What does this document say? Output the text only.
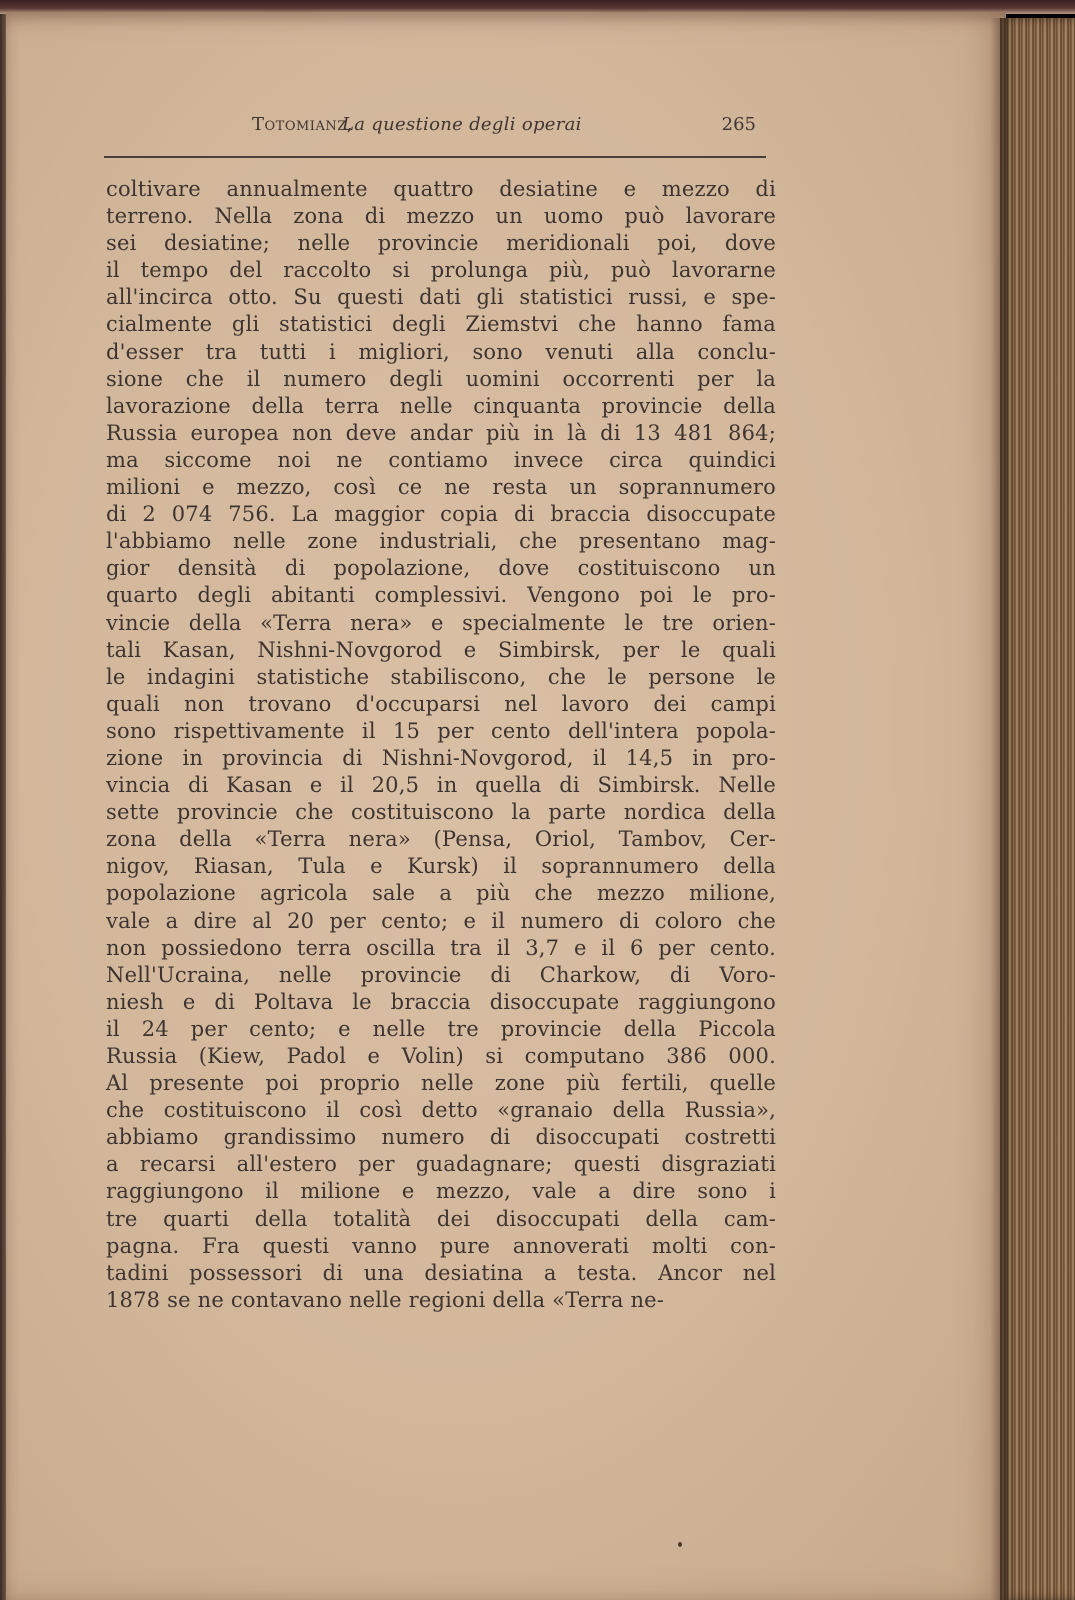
Totomianz,
La questione degli operai	265
coltivare annualmente quattro desiatine e mezzo di
terreno. Nella zona di mezzo un uomo può lavorare
sei desiatine; nelle provincie meridionali poi, dove
il tempo del raccolto si prolunga più, può lavorarne
all'incirca otto. Su questi dati gli statistici russi, e spe-
cialmente gli statistici degli Ziemstvi che hanno fama
d'esser tra tutti i migliori, sono venuti alla conclu-
sione che il numero degli uomini occorrenti per la
lavorazione della terra nelle cinquanta provincie della
Russia europea non deve andar più in là di 13 481 864;
ma siccome noi ne contiamo invece circa quindici
milioni e mezzo, così ce ne resta un soprannumero
di 2 074 756. La maggior copia di braccia disoccupate
l'abbiamo nelle zone industriali, che presentano mag-
gior densità di popolazione, dove costituiscono un
quarto degli abitanti complessivi. Vengono poi le pro-
vincie della «Terra nera» e specialmente le tre orien-
tali Kasan, Nishni-Novgorod e Simbirsk, per le quali
le indagini statistiche stabiliscono, che le persone le
quali non trovano d'occuparsi nel lavoro dei campi
sono rispettivamente il 15 per cento dell'intera popola-
zione in provincia di Nishni-Novgorod, il 14,5 in pro-
vincia di Kasan e il 20,5 in quella di Simbirsk. Nelle
sette provincie che costituiscono la parte nordica della
zona della «Terra nera» (Pensa, Oriol, Tambov, Cer-
nigov, Riasan, Tula e Kursk) il soprannumero della
popolazione agricola sale a più che mezzo milione,
vale a dire al 20 per cento; e il numero di coloro che
non possiedono terra oscilla tra il 3,7 e il 6 per cento.
Nell'Ucraina, nelle provincie di Charkow, di Voro-
niesh e di Poltava le braccia disoccupate raggiungono
il 24 per cento; e nelle tre provincie della Piccola
Russia (Kiew, Padol e Volin) si computano 386 000.
Al presente poi proprio nelle zone più fertili, quelle
che costituiscono il così detto «granaio della Russia»,
abbiamo grandissimo numero di disoccupati costretti
a recarsi all'estero per guadagnare; questi disgraziati
raggiungono il milione e mezzo, vale a dire sono i
tre quarti della totalità dei disoccupati della cam-
pagna. Fra questi vanno pure annoverati molti con-
tadini possessori di una desiatina a testa. Ancor nel
1878 se ne contavano nelle regioni della «Terra ne-
